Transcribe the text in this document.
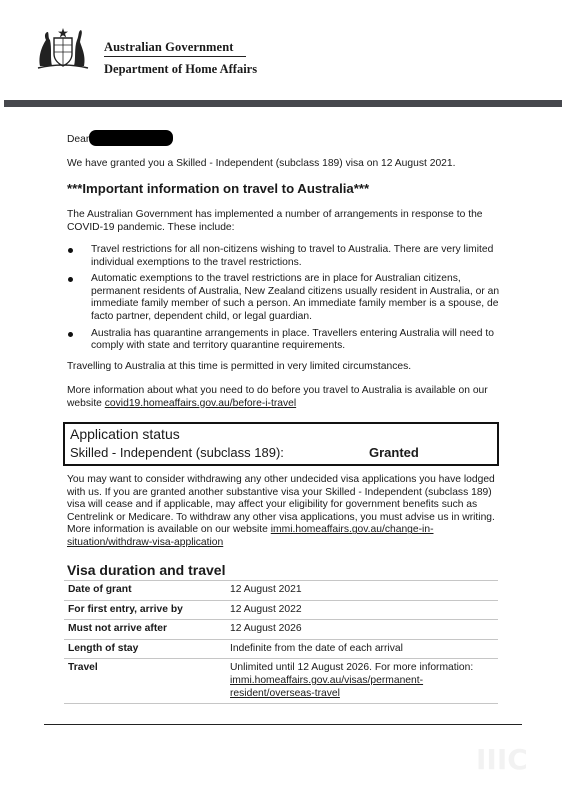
Australian Government
Department of Home Affairs
Dear
We have granted you a Skilled - Independent (subclass 189) visa on 12 August 2021.
***Important information on travel to Australia***
The Australian Government has implemented a number of arrangements in response to the COVID-19 pandemic. These include:
Travel restrictions for all non-citizens wishing to travel to Australia. There are very limited individual exemptions to the travel restrictions.
Automatic exemptions to the travel restrictions are in place for Australian citizens, permanent residents of Australia, New Zealand citizens usually resident in Australia, or an immediate family member of such a person. An immediate family member is a spouse, de facto partner, dependent child, or legal guardian.
Australia has quarantine arrangements in place. Travellers entering Australia will need to comply with state and territory quarantine requirements.
Travelling to Australia at this time is permitted in very limited circumstances.
More information about what you need to do before you travel to Australia is available on our website covid19.homeaffairs.gov.au/before-i-travel
Application status
Skilled - Independent (subclass 189):	Granted
You may want to consider withdrawing any other undecided visa applications you have lodged with us. If you are granted another substantive visa your Skilled - Independent (subclass 189) visa will cease and if applicable, may affect your eligibility for government benefits such as Centrelink or Medicare. To withdraw any other visa applications, you must advise us in writing. More information is available on our website immi.homeaffairs.gov.au/change-in-situation/withdraw-visa-application
Visa duration and travel
Date of grant	12 August 2021
For first entry, arrive by	12 August 2022
Must not arrive after	12 August 2026
Length of stay	Indefinite from the date of each arrival
Travel	Unlimited until 12 August 2026. For more information:
immi.homeaffairs.gov.au/visas/permanent-resident/overseas-travel
IIIC
